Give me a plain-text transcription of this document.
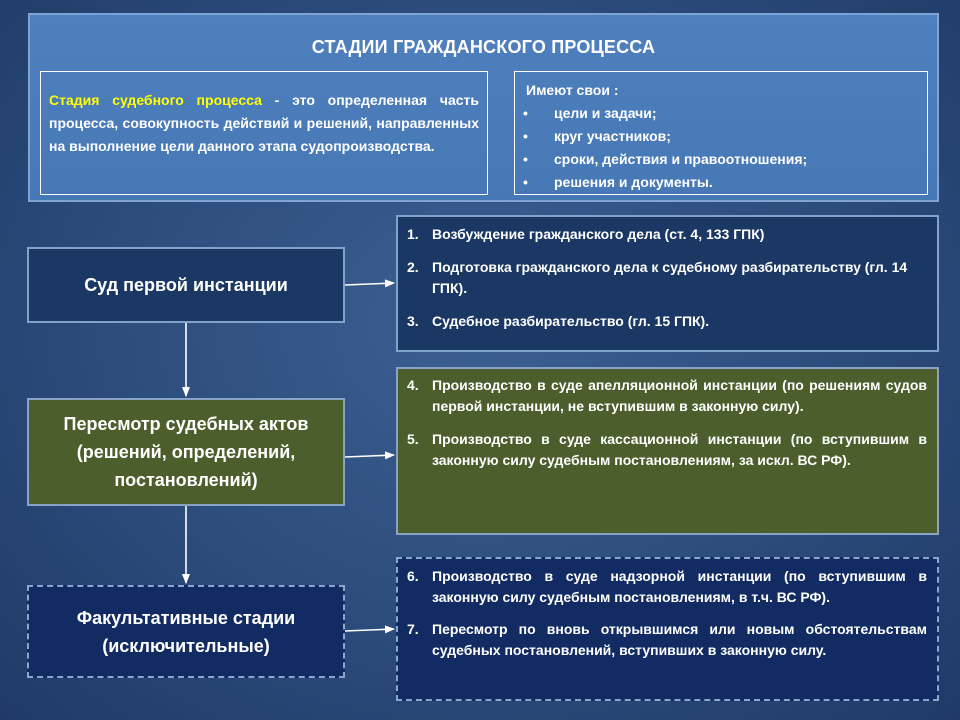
СТАДИИ ГРАЖДАНСКОГО ПРОЦЕССА
Стадия судебного процесса - это определенная часть процесса, совокупность действий и решений, направленных на выполнение цели данного этапа судопроизводства.
Имеют свои :
• цели и задачи;
• круг участников;
• сроки, действия и правоотношения;
• решения и документы.
Суд первой инстанции
Пересмотр судебных актов (решений, определений, постановлений)
Факультативные стадии (исключительные)
1. Возбуждение гражданского дела (ст. 4, 133 ГПК)
2. Подготовка гражданского дела к судебному разбирательству (гл. 14 ГПК).
3. Судебное разбирательство (гл. 15 ГПК).
4. Производство в суде апелляционной инстанции (по решениям судов первой инстанции, не вступившим в законную силу).
5. Производство в суде кассационной инстанции (по вступившим в законную силу судебным постановлениям, за искл. ВС РФ).
6. Производство в суде надзорной инстанции (по вступившим в законную силу судебным постановлениям, в т.ч. ВС РФ).
7. Пересмотр по вновь открывшимся или новым обстоятельствам судебных постановлений, вступивших в законную силу.
